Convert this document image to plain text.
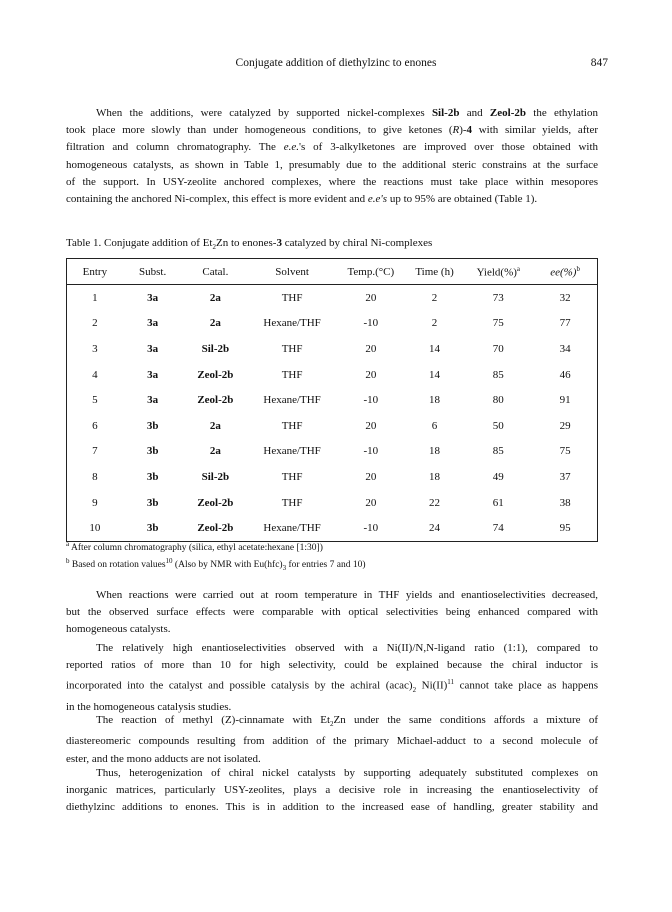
Conjugate addition of diethylzinc to enones	847
When the additions, were catalyzed by supported nickel-complexes Sil-2b and Zeol-2b the ethylation
took place more slowly than under homogeneous conditions, to give ketones (R)-4 with similar yields, after
filtration and column chromatography. The e.e.'s of 3-alkylketones are improved over those obtained with
homogeneous catalysts, as shown in Table 1, presumably due to the additional steric constrains at the surface
of the support. In USY-zeolite anchored complexes, where the reactions must take place within mesopores
containing the anchored Ni-complex, this effect is more evident and e.e's up to 95% are obtained (Table 1).
Table 1. Conjugate addition of $Et_2Zn$ to enones-3 catalyzed by chiral Ni-complexes
Entry	Subst.	Catal.	Solvent	Temp.(°C)	Time (h)	Yield(%)$^a$	ee(%)$^b$
1	3a	2a	THF	20	2	73	32
2	3a	2a	Hexane/THF	-10	2	75	77
3	3a	Sil-2b	THF	20	14	70	34
4	3a	Zeol-2b	THF	20	14	85	46
5	3a	Zeol-2b	Hexane/THF	-10	18	80	91
6	3b	2a	THF	20	6	50	29
7	3b	2a	Hexane/THF	-10	18	85	75
8	3b	Sil-2b	THF	20	18	49	37
9	3b	Zeol-2b	THF	20	22	61	38
10	3b	Zeol-2b	Hexane/THF	-10	24	74	95
$^a$ After column chromatography (silica, ethyl acetate:hexane [1:30])
$^b$ Based on rotation values$^{10}$ (Also by NMR with $Eu(hfc)_3$ for entries 7 and 10)
When reactions were carried out at room temperature in THF yields and enantioselectivities decreased,
but the observed surface effects were comparable with optical selectivities being enhanced compared with
homogeneous catalysts.
The relatively high enantioselectivities observed with a Ni(II)/N,N-ligand ratio (1:1), compared to
reported ratios of more than 10 for high selectivity, could be explained because the chiral inductor is
incorporated into the catalyst and possible catalysis by the achiral $(acac)_2$ Ni(II)$^{11}$ cannot take place as happens
in the homogeneous catalysis studies.
The reaction of methyl (Z)-cinnamate with $Et_2Zn$ under the same conditions affords a mixture of
diastereomeric compounds resulting from addition of the primary Michael-adduct to a second molecule of
ester, and the mono adducts are not isolated.
Thus, heterogenization of chiral nickel catalysts by supporting adequately substituted complexes on
inorganic matrices, particularly USY-zeolites, plays a decisive role in increasing the enantioselectivity of
diethylzinc additions to enones. This is in addition to the increased ease of handling, greater stability and
